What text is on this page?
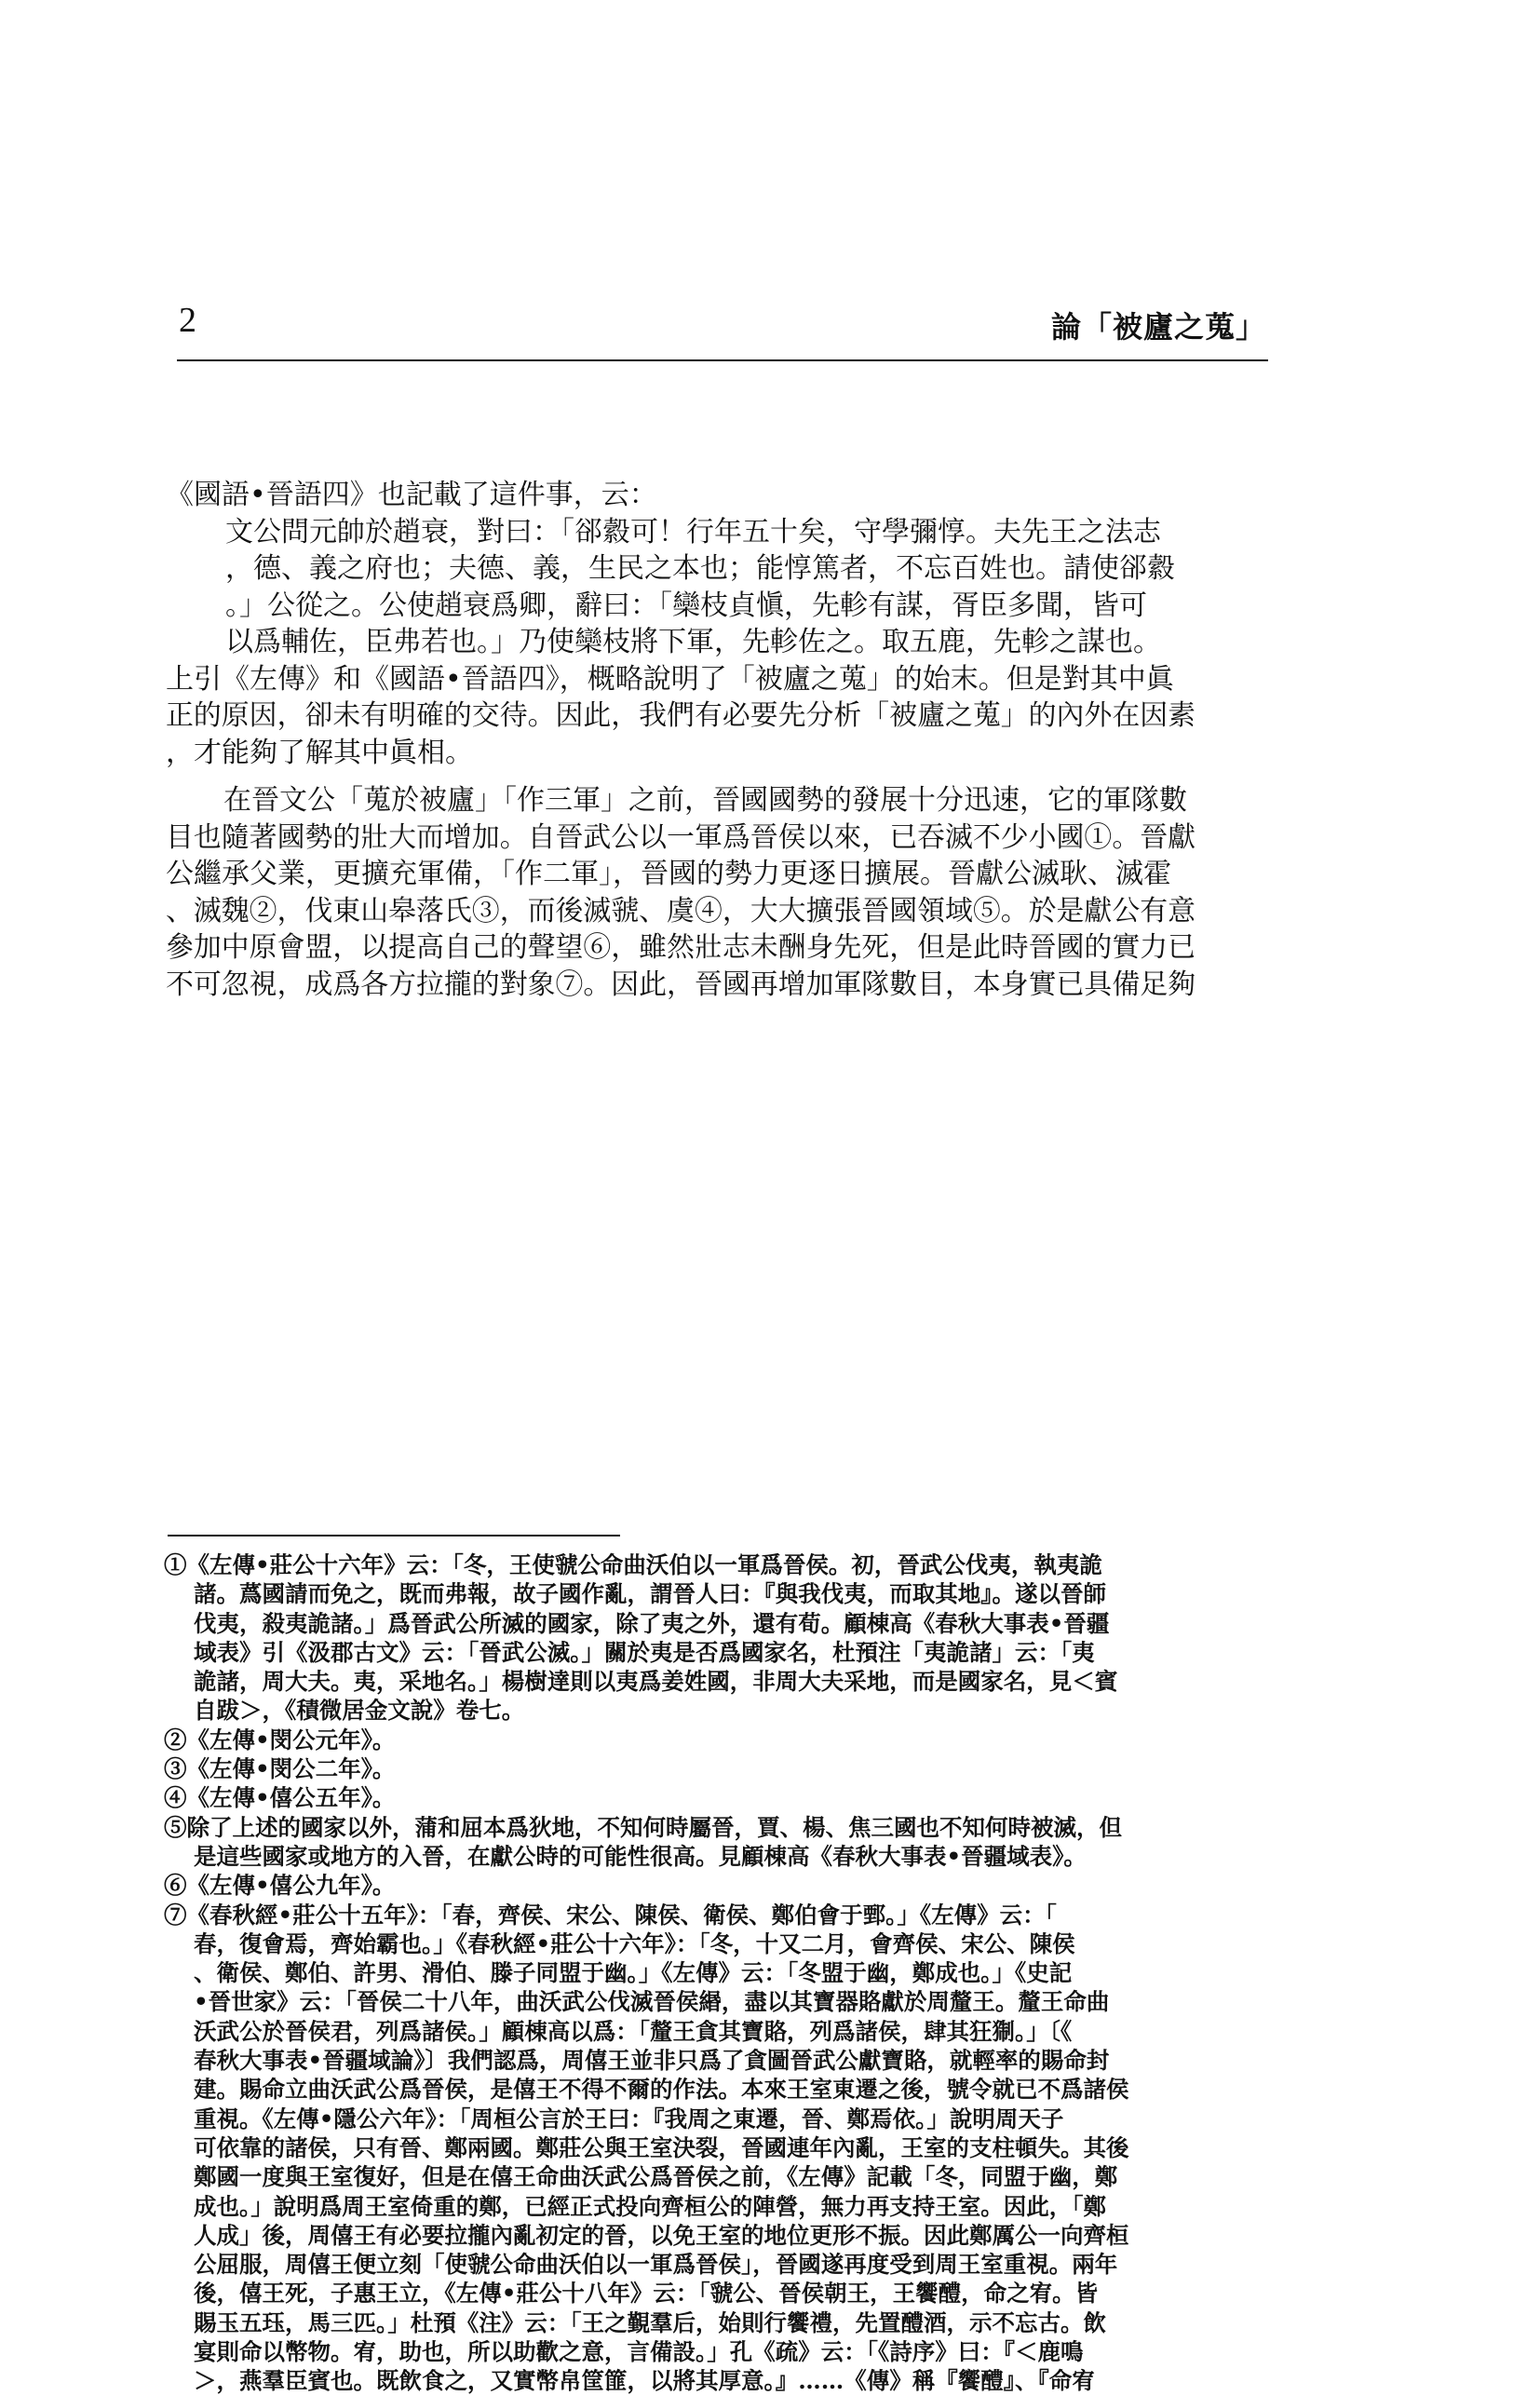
2	論「被廬之蒐」
《國語•晉語四》也記載了這件事，云：
文公問元帥於趙衰，對曰：「郤縠可！行年五十矣，守學彌惇。夫先王之法志
，德、義之府也；夫德、義，生民之本也；能惇篤者，不忘百姓也。請使郤縠
。」公從之。公使趙衰爲卿，辭曰：「欒枝貞愼，先軫有謀，胥臣多聞，皆可
以爲輔佐，臣弗若也。」乃使欒枝將下軍，先軫佐之。取五鹿，先軫之謀也。
上引《左傳》和《國語•晉語四》，概略說明了「被廬之蒐」的始末。但是對其中眞
正的原因，卻未有明確的交待。因此，我們有必要先分析「被廬之蒐」的內外在因素
，才能夠了解其中眞相。
在晉文公「蒐於被廬」「作三軍」之前，晉國國勢的發展十分迅速，它的軍隊數
目也隨著國勢的壯大而增加。自晉武公以一軍爲晉侯以來，已吞滅不少小國①。晉獻
公繼承父業，更擴充軍備，「作二軍」，晉國的勢力更逐日擴展。晉獻公滅耿、滅霍
、滅魏②，伐東山皋落氏③，而後滅虢、虞④，大大擴張晉國領域⑤。於是獻公有意
參加中原會盟，以提高自己的聲望⑥，雖然壯志未酬身先死，但是此時晉國的實力已
不可忽視，成爲各方拉攏的對象⑦。因此，晉國再增加軍隊數目，本身實已具備足夠
①《左傳•莊公十六年》云：「冬，王使虢公命曲沃伯以一軍爲晉侯。初，晉武公伐夷，執夷詭
諸。蔿國請而免之，既而弗報，故子國作亂，謂晉人曰：『與我伐夷，而取其地』。遂以晉師
伐夷，殺夷詭諸。」爲晉武公所滅的國家，除了夷之外，還有荀。顧棟高《春秋大事表•晉疆
域表》引《汲郡古文》云：「晉武公滅。」關於夷是否爲國家名，杜預注「夷詭諸」云：「夷
詭諸，周大夫。夷，采地名。」楊樹達則以夷爲姜姓國，非周大夫采地，而是國家名，見＜賓
自跋＞，《積微居金文說》卷七。
②《左傳•閔公元年》。
③《左傳•閔公二年》。
④《左傳•僖公五年》。
⑤除了上述的國家以外，蒲和屈本爲狄地，不知何時屬晉，賈、楊、焦三國也不知何時被滅，但
是這些國家或地方的入晉，在獻公時的可能性很高。見顧棟高《春秋大事表•晉疆域表》。
⑥《左傳•僖公九年》。
⑦《春秋經•莊公十五年》：「春，齊侯、宋公、陳侯、衛侯、鄭伯會于鄄。」《左傳》云：「
春，復會焉，齊始霸也。」《春秋經•莊公十六年》：「冬，十又二月，會齊侯、宋公、陳侯
、衛侯、鄭伯、許男、滑伯、滕子同盟于幽。」《左傳》云：「冬盟于幽，鄭成也。」《史記
•晉世家》云：「晉侯二十八年，曲沃武公伐滅晉侯緡，盡以其寶器賂獻於周釐王。釐王命曲
沃武公於晉侯君，列爲諸侯。」顧棟高以爲：「釐王貪其寶賂，列爲諸侯，肆其狂猘。」〔《
春秋大事表•晉疆域論》〕我們認爲，周僖王並非只爲了貪圖晉武公獻寶賂，就輕率的賜命封
建。賜命立曲沃武公爲晉侯，是僖王不得不爾的作法。本來王室東遷之後，號令就已不爲諸侯
重視。《左傳•隱公六年》：「周桓公言於王曰：『我周之東遷，晉、鄭焉依。」說明周天子
可依靠的諸侯，只有晉、鄭兩國。鄭莊公與王室決裂，晉國連年內亂，王室的支柱頓失。其後
鄭國一度與王室復好，但是在僖王命曲沃武公爲晉侯之前，《左傳》記載「冬，同盟于幽，鄭
成也。」說明爲周王室倚重的鄭，已經正式投向齊桓公的陣營，無力再支持王室。因此，「鄭
人成」後，周僖王有必要拉攏內亂初定的晉，以免王室的地位更形不振。因此鄭厲公一向齊桓
公屈服，周僖王便立刻「使虢公命曲沃伯以一軍爲晉侯」，晉國遂再度受到周王室重視。兩年
後，僖王死，子惠王立，《左傳•莊公十八年》云：「虢公、晉侯朝王，王饗醴，命之宥。皆
賜玉五珏，馬三匹。」杜預《注》云：「王之覲羣后，始則行饗禮，先置醴酒，示不忘古。飲
宴則命以幣物。宥，助也，所以助歡之意，言備設。」孔《疏》云：「《詩序》曰：『＜鹿鳴
＞，燕羣臣賓也。既飲食之，又實幣帛筐篚，以將其厚意。』……《傳》稱『饗醴』、『命宥
